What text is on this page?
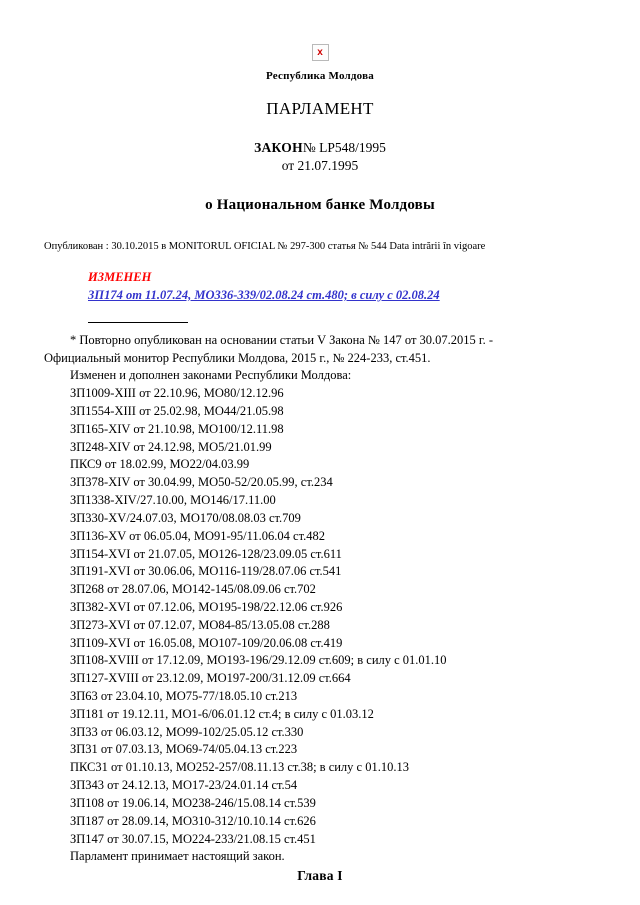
x
Республика Молдова
ПАРЛАМЕНТ
ЗАКОН№ LP548/1995
от 21.07.1995
о Национальном банке Молдовы
Опубликован : 30.10.2015 в MONITORUL OFICIAL № 297-300 статья № 544 Data intrării în vigoare
ИЗМЕНЕН
ЗП174 от 11.07.24, MO336-339/02.08.24 ст.480; в силу с 02.08.24
* Повторно опубликован на основании статьи V Закона № 147 от 30.07.2015 г. -
Официальный монитор Республики Молдова, 2015 г., № 224-233, ст.451.
Изменен и дополнен законами Республики Молдова:
ЗП1009-XIII от 22.10.96, MO80/12.12.96
ЗП1554-XIII от 25.02.98, MO44/21.05.98
ЗП165-XIV от 21.10.98, MO100/12.11.98
ЗП248-XIV от 24.12.98, MO5/21.01.99
ПКС9 от 18.02.99, MO22/04.03.99
ЗП378-XIV от 30.04.99, MO50-52/20.05.99, ст.234
ЗП1338-XIV/27.10.00, MO146/17.11.00
ЗП330-XV/24.07.03, MO170/08.08.03 ст.709
ЗП136-XV от 06.05.04, MO91-95/11.06.04 ст.482
ЗП154-XVI от 21.07.05, MO126-128/23.09.05 ст.611
ЗП191-XVI от 30.06.06, MO116-119/28.07.06 ст.541
ЗП268 от 28.07.06, MO142-145/08.09.06 ст.702
ЗП382-XVI от 07.12.06, MO195-198/22.12.06 ст.926
ЗП273-XVI от 07.12.07, MO84-85/13.05.08 ст.288
ЗП109-XVI от 16.05.08, MO107-109/20.06.08 ст.419
ЗП108-XVIII от 17.12.09, MO193-196/29.12.09 ст.609; в силу с 01.01.10
ЗП127-XVIII от 23.12.09, MO197-200/31.12.09 ст.664
ЗП63 от 23.04.10, MO75-77/18.05.10 ст.213
ЗП181 от 19.12.11, MO1-6/06.01.12 ст.4; в силу с 01.03.12
ЗП33 от 06.03.12, MO99-102/25.05.12 ст.330
ЗП31 от 07.03.13, MO69-74/05.04.13 ст.223
ПКС31 от 01.10.13, MO252-257/08.11.13 ст.38; в силу с 01.10.13
ЗП343 от 24.12.13, MO17-23/24.01.14 ст.54
ЗП108 от 19.06.14, MO238-246/15.08.14 ст.539
ЗП187 от 28.09.14, MO310-312/10.10.14 ст.626
ЗП147 от 30.07.15, MO224-233/21.08.15 ст.451
Парламент принимает настоящий закон.
Глава I
